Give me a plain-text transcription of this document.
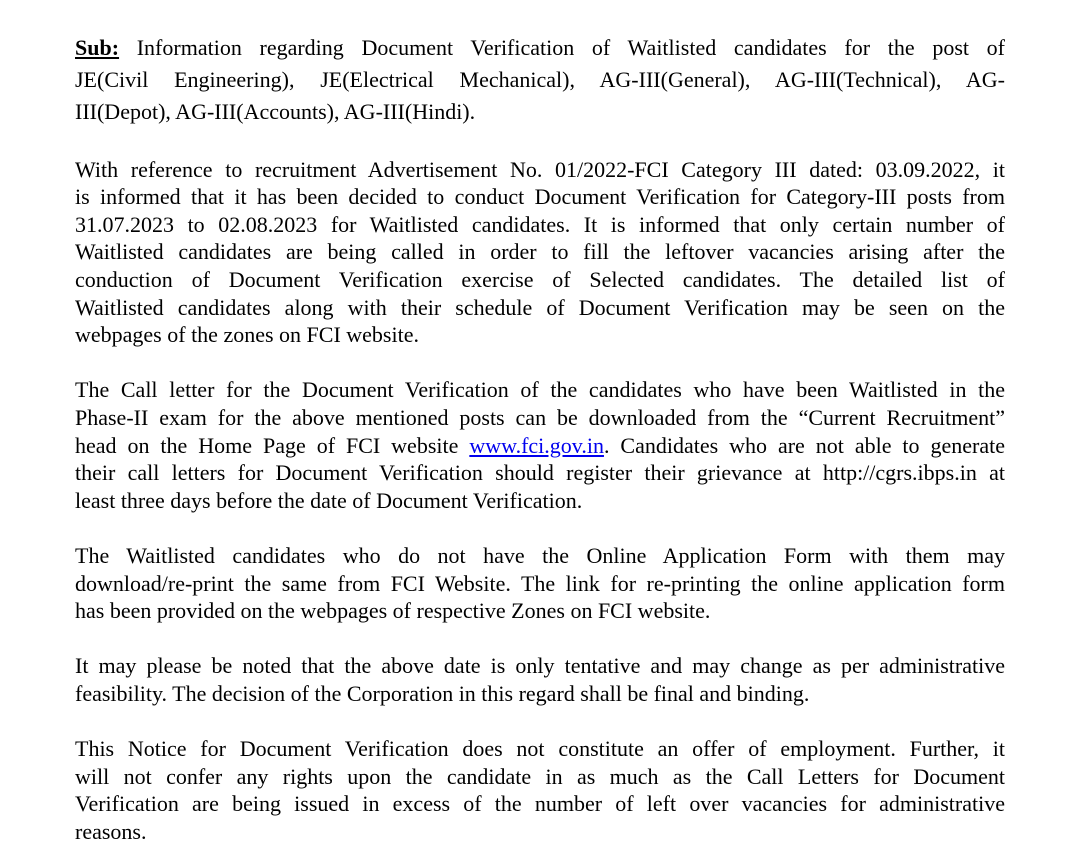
Sub: Information regarding Document Verification of Waitlisted candidates for the post of
JE(Civil Engineering), JE(Electrical Mechanical), AG-III(General), AG-III(Technical), AG-
III(Depot), AG-III(Accounts), AG-III(Hindi).
With reference to recruitment Advertisement No. 01/2022-FCI Category III dated: 03.09.2022, it
is informed that it has been decided to conduct Document Verification for Category-III posts from
31.07.2023 to 02.08.2023 for Waitlisted candidates. It is informed that only certain number of
Waitlisted candidates are being called in order to fill the leftover vacancies arising after the
conduction of Document Verification exercise of Selected candidates. The detailed list of
Waitlisted candidates along with their schedule of Document Verification may be seen on the
webpages of the zones on FCI website.
The Call letter for the Document Verification of the candidates who have been Waitlisted in the
Phase-II exam for the above mentioned posts can be downloaded from the “Current Recruitment”
head on the Home Page of FCI website www.fci.gov.in. Candidates who are not able to generate
their call letters for Document Verification should register their grievance at http://cgrs.ibps.in at
least three days before the date of Document Verification.
The Waitlisted candidates who do not have the Online Application Form with them may
download/re-print the same from FCI Website. The link for re-printing the online application form
has been provided on the webpages of respective Zones on FCI website.
It may please be noted that the above date is only tentative and may change as per administrative
feasibility. The decision of the Corporation in this regard shall be final and binding.
This Notice for Document Verification does not constitute an offer of employment. Further, it
will not confer any rights upon the candidate in as much as the Call Letters for Document
Verification are being issued in excess of the number of left over vacancies for administrative
reasons.
